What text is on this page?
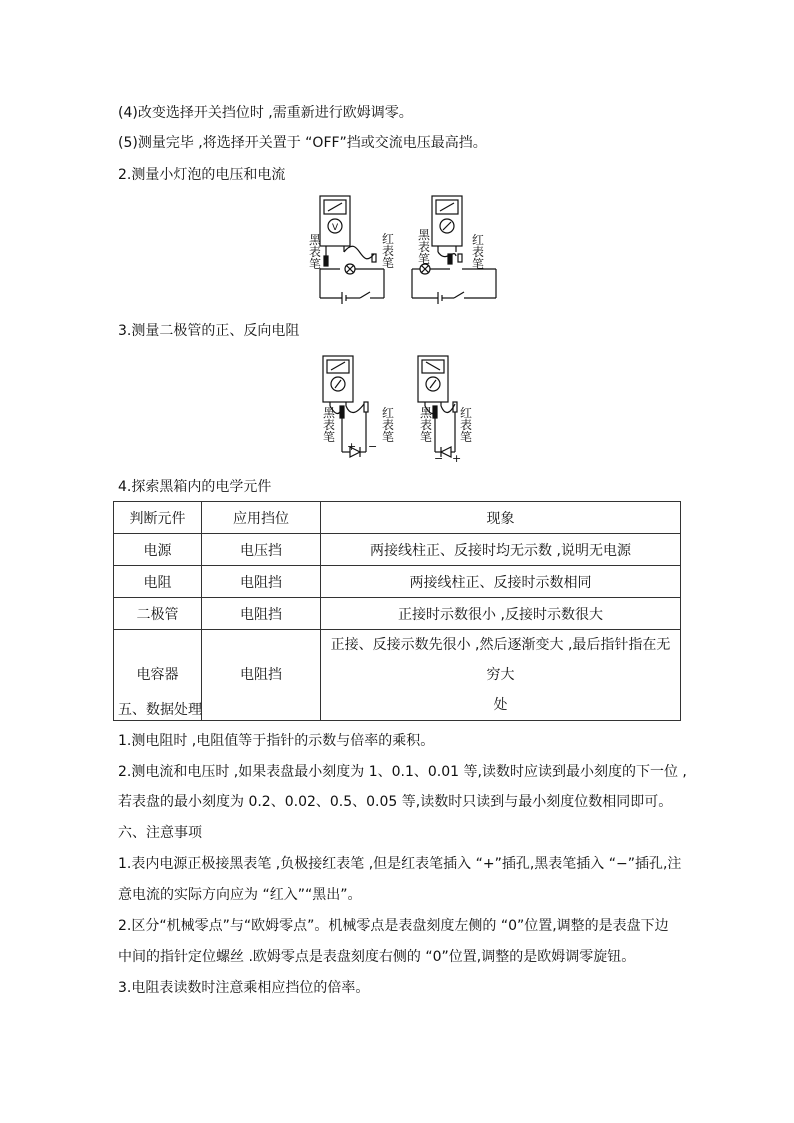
(4)改变选择开关挡位时 ,需重新进行欧姆调零。
(5)测量完毕 ,将选择开关置于 “OFF”挡或交流电压最高挡。
2.测量小灯泡的电压和电流
V
黑
表
笔
红
表
笔
黑
表
笔
红
表
笔
3.测量二极管的正、反向电阻
黑
表
笔
红
表
笔
+ −
黑
表
笔
红
表
笔
− +
4.探索黑箱内的电学元件
判断元件	应用挡位	现象
电源	电压挡	两接线柱正、反接时均无示数 ,说明无电源
电阻	电阻挡	两接线柱正、反接时示数相同
二极管	电阻挡	正接时示数很小 ,反接时示数很大
电容器	电阻挡	正接、反接示数先很小 ,然后逐渐变大 ,最后指针指在无穷大
处
五、数据处理
1.测电阻时 ,电阻值等于指针的示数与倍率的乘积。
2.测电流和电压时 ,如果表盘最小刻度为 1、0.1、0.01 等,读数时应读到最小刻度的下一位 ,
若表盘的最小刻度为 0.2、0.02、0.5、0.05 等,读数时只读到与最小刻度位数相同即可。
六、注意事项
1.表内电源正极接黑表笔 ,负极接红表笔 ,但是红表笔插入 “+”插孔,黑表笔插入 “−”插孔,注
意电流的实际方向应为 “红入”“黑出”。
2.区分“机械零点”与“欧姆零点”。机械零点是表盘刻度左侧的 “0”位置,调整的是表盘下边
中间的指针定位螺丝 .欧姆零点是表盘刻度右侧的 “0”位置,调整的是欧姆调零旋钮。
3.电阻表读数时注意乘相应挡位的倍率。
